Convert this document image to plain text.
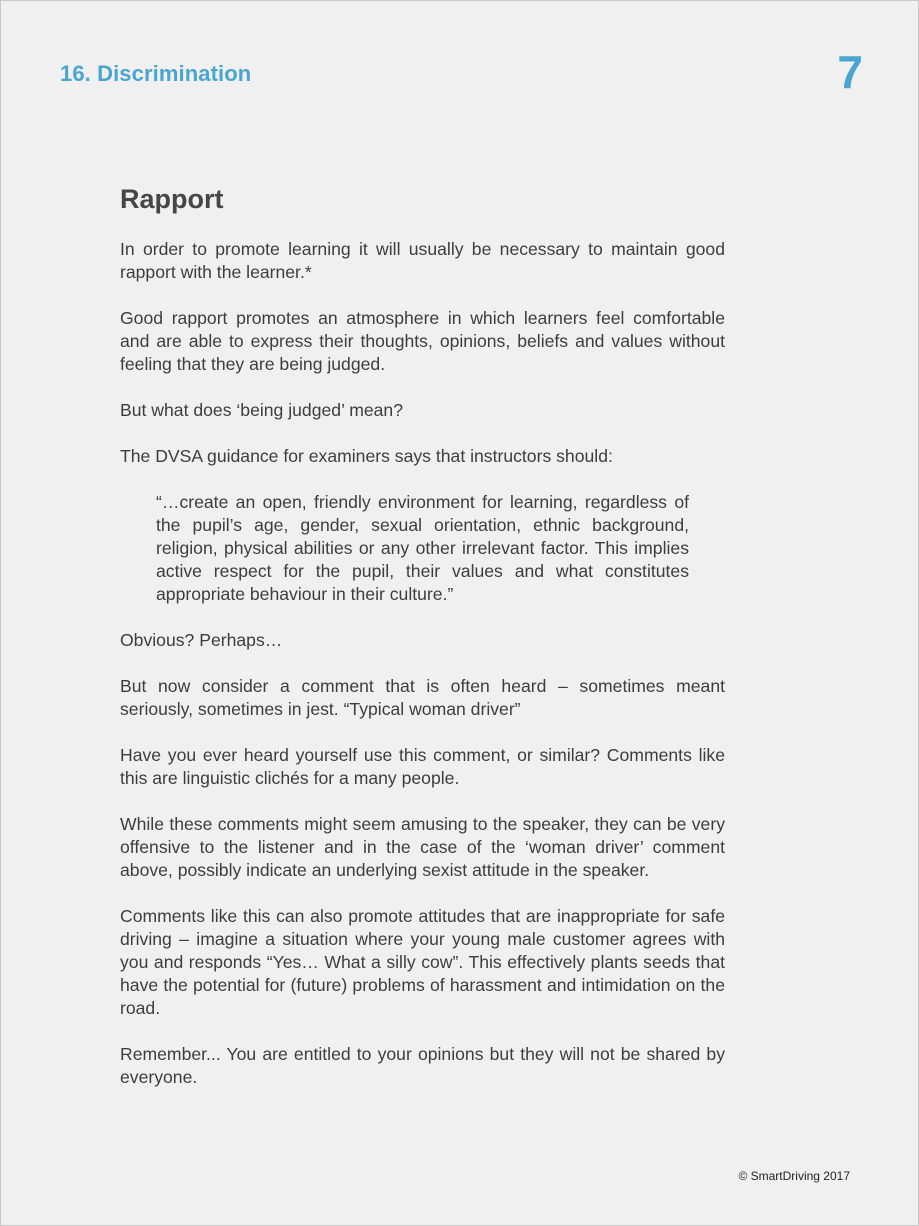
16. Discrimination	7
Rapport

In order to promote learning it will usually be necessary to maintain good rapport with the learner.*

Good rapport promotes an atmosphere in which learners feel comfortable and are able to express their thoughts, opinions, beliefs and values without feeling that they are being judged.

But what does ‘being judged’ mean?

The DVSA guidance for examiners says that instructors should:

“…create an open, friendly environment for learning, regardless of the pupil’s age, gender, sexual orientation, ethnic background, religion, physical abilities or any other irrelevant factor. This implies active respect for the pupil, their values and what constitutes appropriate behaviour in their culture.”

Obvious? Perhaps…

But now consider a comment that is often heard – sometimes meant seriously, sometimes in jest. “Typical woman driver”

Have you ever heard yourself use this comment, or similar? Comments like this are linguistic clichés for a many people.

While these comments might seem amusing to the speaker, they can be very offensive to the listener and in the case of the ‘woman driver’ comment above, possibly indicate an underlying sexist attitude in the speaker.

Comments like this can also promote attitudes that are inappropriate for safe driving – imagine a situation where your young male customer agrees with you and responds “Yes… What a silly cow”. This effectively plants seeds that have the potential for (future) problems of harassment and intimidation on the road.

Remember... You are entitled to your opinions but they will not be shared by everyone.

© SmartDriving 2017
